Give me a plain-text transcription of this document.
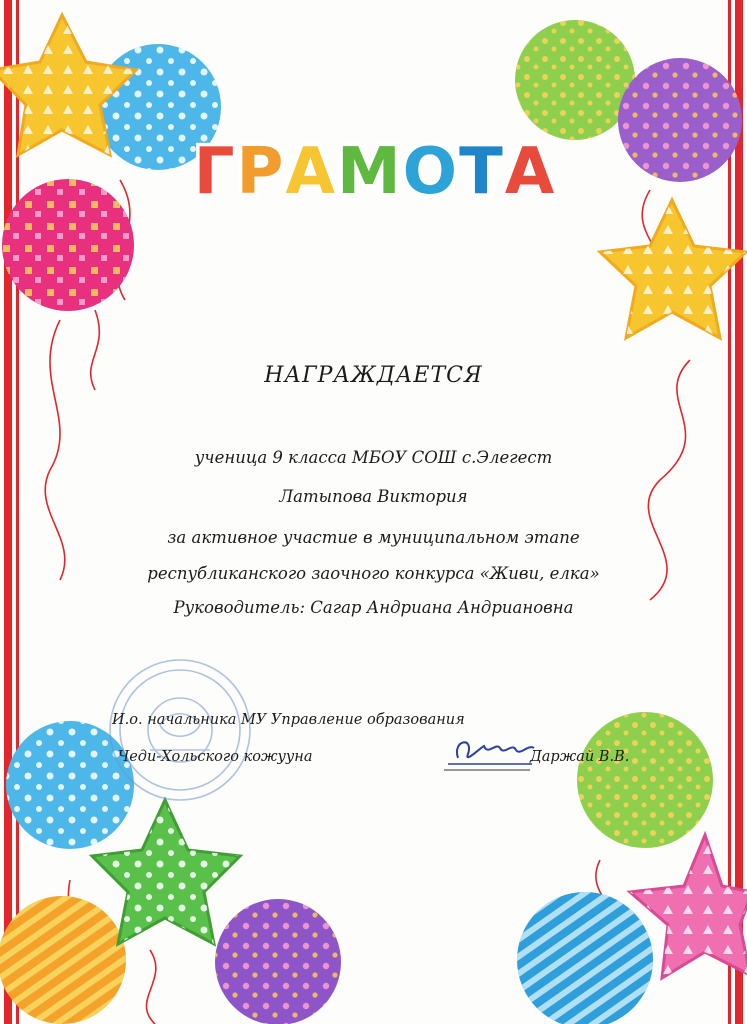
ГРАМОТА
НАГРАЖДАЕТСЯ
ученица 9 класса МБОУ СОШ с.Элегест
Латыпова Виктория
за активное участие в муниципальном этапе
республиканского заочного конкурса «Живи, елка»
Руководитель: Сагар Андриана Андриановна
И.о. начальника МУ Управление образования
Чеди-Хольского кожууна	Даржай В.В.
